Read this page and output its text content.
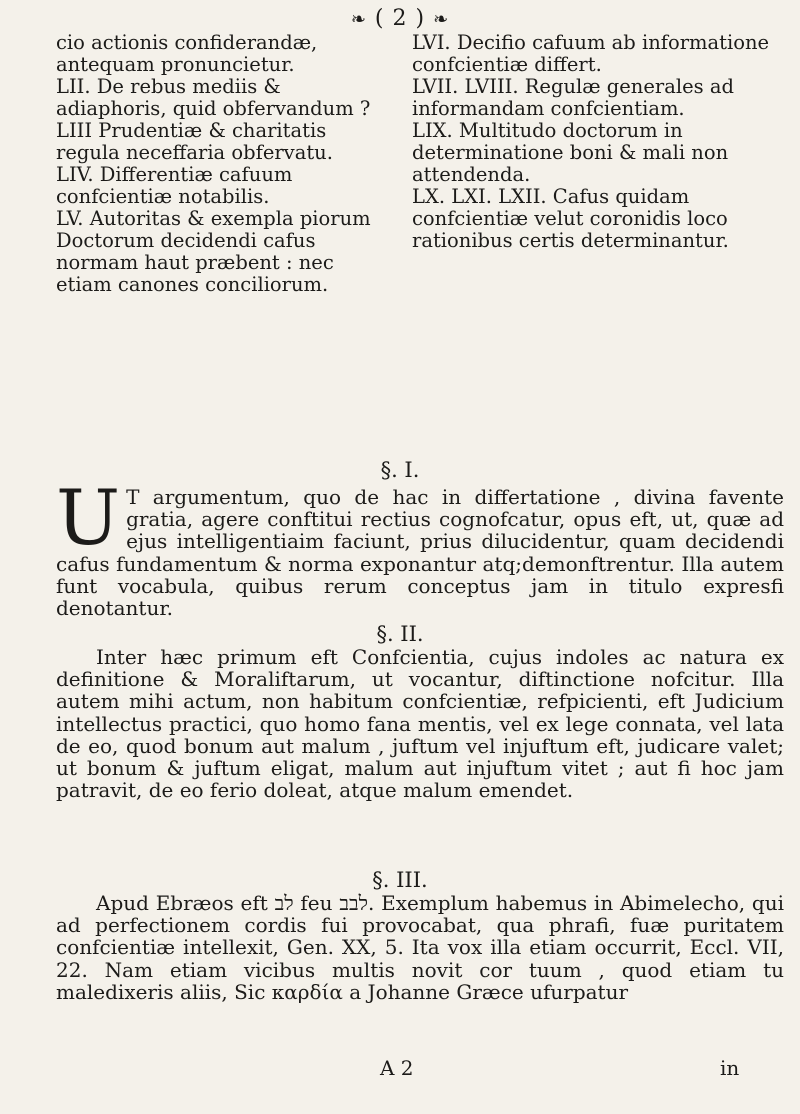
❧ ( 2 ) ❧
cio actionis confiderandæ, antequam pronuncietur.
LII. De rebus mediis & adiaphoris, quid obfervandum ?
LIII Prudentiæ & charitatis regula neceffaria obfervatu.
LIV. Differentiæ cafuum confcientiæ notabilis.
LV. Autoritas & exempla piorum Doctorum decidendi cafus normam haut præbent : nec etiam canones conciliorum.
LVI. Decifio cafuum ab informatione confcientiæ differt.
LVII. LVIII. Regulæ generales ad informandam confcientiam.
LIX. Multitudo doctorum in determinatione boni & mali non attendenda.
LX. LXI. LXII. Cafus quidam confcientiæ velut coronidis loco rationibus certis determinantur.
§. I.
U T argumentum, quo de hac in differtatione , divina favente gratia, agere conftitui rectius cognofcatur, opus eft, ut, quæ ad ejus intelligentiaim faciunt, prius dilucidentur, quam decidendi cafus fundamentum & norma exponantur atq;demonftrentur. Illa autem funt vocabula, quibus rerum conceptus jam in titulo expresfi denotantur.
§. II.
Inter hæc primum eft Confcientia, cujus indoles ac natura ex definitione & Moraliftarum, ut vocantur, diftinctione nofcitur. Illa autem mihi actum, non habitum confcientiæ, refpicienti, eft Judicium intellectus practici, quo homo fana mentis, vel ex lege connata, vel lata de eo, quod bonum aut malum , juftum vel injuftum eft, judicare valet; ut bonum & juftum eligat, malum aut injuftum vitet ; aut fi hoc jam patravit, de eo ferio doleat, atque malum emendet.
§. III.
Apud Ebræos eft לב feu לבב. Exemplum habemus in Abimelecho, qui ad perfectionem cordis fui provocabat, qua phrafi, fuæ puritatem confcientiæ intellexit, Gen. XX, 5. Ita vox illa etiam occurrit, Eccl. VII, 22. Nam etiam vicibus multis novit cor tuum , quod etiam tu maledixeris aliis, Sic καρδία a Johanne Græce ufurpatur
A 2	in
